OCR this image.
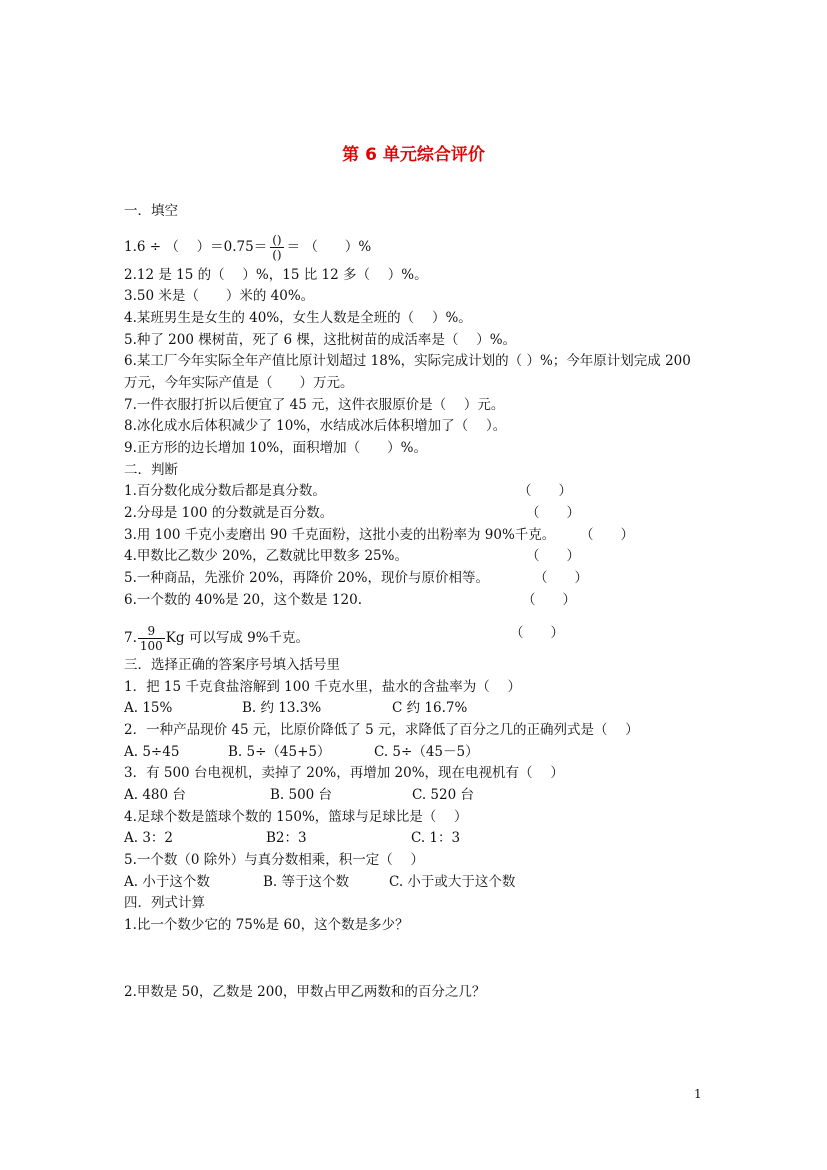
第 6 单元综合评价
一．填空
1.6 ÷ （　 ）$=0.75= \frac{()}{()}$ ＝ （　　）%
2.12 是 15 的（　 ）%，15 比 12 多（　 ）%。
3.50 米是（　　）米的 40%。
4.某班男生是女生的 40%，女生人数是全班的（　 ）%。
5.种了 200 棵树苗，死了 6 棵，这批树苗的成活率是（　 ）%。
6.某工厂今年实际全年产值比原计划超过 18%，实际完成计划的（ ）%；今年原计划完成 200
万元，今年实际产值是（　　）万元。
7.一件衣服打折以后便宜了 45 元，这件衣服原价是（　 ）元。
8.冰化成水后体积减少了 10%，水结成冰后体积增加了（　 ）。
9.正方形的边长增加 10%，面积增加（　　）%。
二．判断
1.百分数化成分数后都是真分数。	（　　）
2.分母是 100 的分数就是百分数。	（　　）
3.用 100 千克小麦磨出 90 千克面粉，这批小麦的出粉率为 90%千克。 （　　）
4.甲数比乙数少 20%，乙数就比甲数多 25%。	（　　）
5.一种商品，先涨价 20%，再降价 20%，现价与原价相等。	（　　）
6.一个数的 40%是 20，这个数是 120.	（　　）
7. $\frac{9}{100}$ Kg 可以写成 9%千克。	（　　）
三．选择正确的答案序号填入括号里
1．把 15 千克食盐溶解到 100 千克水里，盐水的含盐率为（　 ）
A. 15%	B. 约 13.3%	C 约 16.7%
2．一种产品现价 45 元，比原价降低了 5 元，求降低了百分之几的正确列式是（　 ）
A. 5÷45	B. 5÷（45+5）	C. 5÷（45－5）
3．有 500 台电视机，卖掉了 20%，再增加 20%，现在电视机有（　 ）
A. 480 台	B. 500 台	C. 520 台
4.足球个数是篮球个数的 150%，篮球与足球比是（　 ）
A. 3：2	B2：3	C. 1：3
5.一个数（0 除外）与真分数相乘，积一定（　 ）
A. 小于这个数	B. 等于这个数	C. 小于或大于这个数
四．列式计算
1.比一个数少它的 75%是 60，这个数是多少？
2.甲数是 50，乙数是 200，甲数占甲乙两数和的百分之几？
1
